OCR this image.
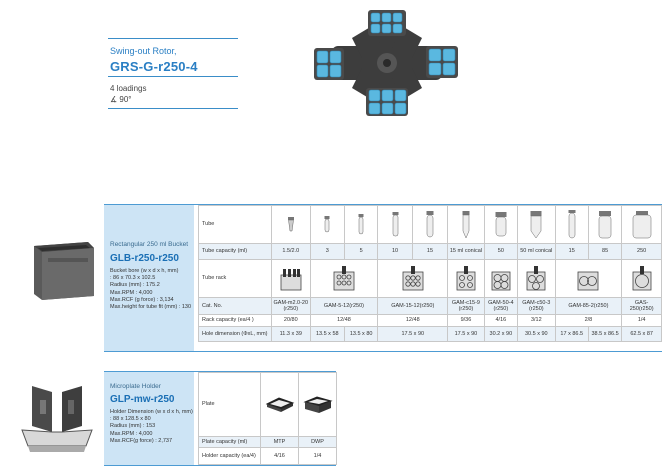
Swing-out Rotor,
GRS-G-r250-4
4 loadings
∡ 90°
Rectangular 250 ml Bucket
GLB-r250-r250
Bucket bore (w x d x h, mm)
: 86 x 70.3 x 102.5
Radius (mm) : 175.2
Max.RPM : 4,000
Max.RCF (g force) : 3,134
Max.height for tube fit (mm) : 130
Tube	

Tube capacity (ml)	1.5/2.0	3	5	10	15	15 ml conical	50	50 ml conical	15	85	250
Tube rack	

Cat. No.	GAM-m2.0-20 (r250)	GAM-5-12(r250)		GAM-15-12(r250)		GAM-c15-9 (r250)	GAM-50-4 (r250)	GAM-c50-3 (r250)	GAM-85-2(r250)		GAS-250(r250)
Rack capacity (ea/4 )	20/80	12/48		12/48		9/36	4/16	3/12	2/8		1/4
Hole dimension (ΦxL, mm)	11.3 x 39	13.5 x 58	13.5 x 80	17.5 x 90		17.5 x 90	30.2 x 90	30.5 x 90	17 x 86.5	38.5 x 86.5	62.5 x 87
Microplate Holder
GLP-mw-r250
Holder Dimension (w x d x h, mm)
: 88 x 128.5 x 80
Radius (mm) : 153
Max.RPM : 4,000
Max.RCF(g force) : 2,737
Plate	

Plate capacity (ml)	MTP	DWP
Holder capacity (ea/4)	4/16	1/4
